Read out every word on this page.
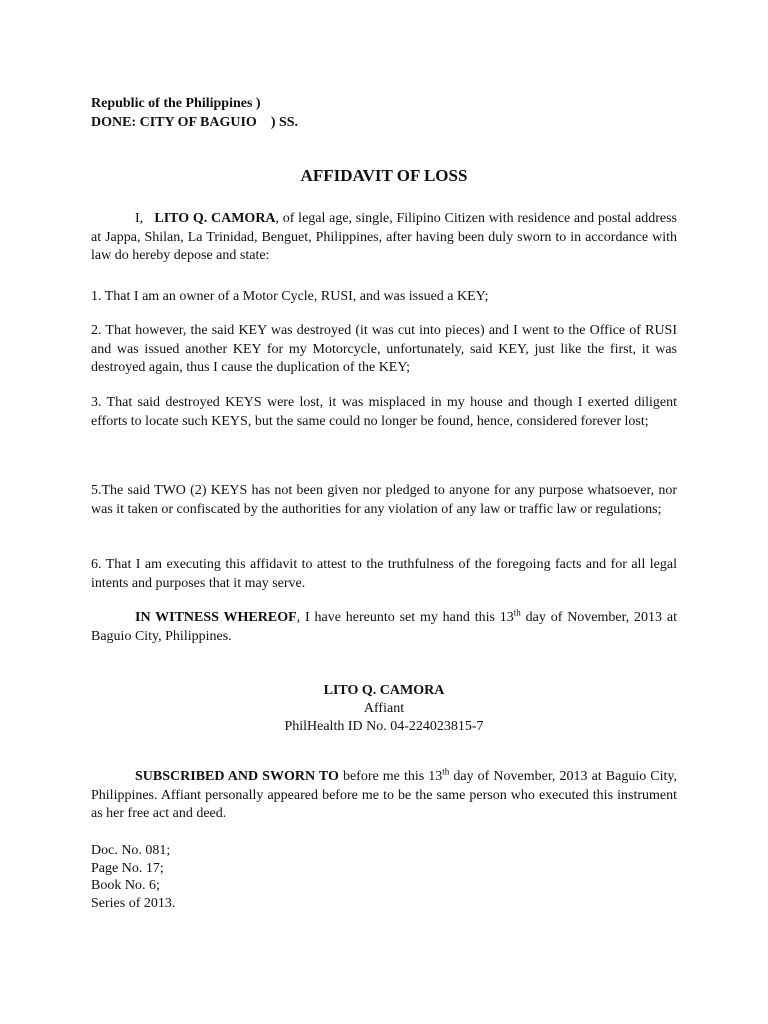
Republic of the Philippines )
DONE: CITY OF BAGUIO ) SS.
AFFIDAVIT OF LOSS
I, LITO Q. CAMORA, of legal age, single, Filipino Citizen with residence and postal address at Jappa, Shilan, La Trinidad, Benguet, Philippines, after having been duly sworn to in accordance with law do hereby depose and state:
1. That I am an owner of a Motor Cycle, RUSI, and was issued a KEY;
2. That however, the said KEY was destroyed (it was cut into pieces) and I went to the Office of RUSI and was issued another KEY for my Motorcycle, unfortunately, said KEY, just like the first, it was destroyed again, thus I cause the duplication of the KEY;
3. That said destroyed KEYS were lost, it was misplaced in my house and though I exerted diligent efforts to locate such KEYS, but the same could no longer be found, hence, considered forever lost;
5.The said TWO (2) KEYS has not been given nor pledged to anyone for any purpose whatsoever, nor was it taken or confiscated by the authorities for any violation of any law or traffic law or regulations;
6. That I am executing this affidavit to attest to the truthfulness of the foregoing facts and for all legal intents and purposes that it may serve.
IN WITNESS WHEREOF, I have hereunto set my hand this 13th day of November, 2013 at Baguio City, Philippines.
LITO Q. CAMORA
Affiant
PhilHealth ID No. 04-224023815-7
SUBSCRIBED AND SWORN TO before me this 13th day of November, 2013 at Baguio City, Philippines. Affiant personally appeared before me to be the same person who executed this instrument as her free act and deed.
Doc. No. 081;
Page No. 17;
Book No. 6;
Series of 2013.
